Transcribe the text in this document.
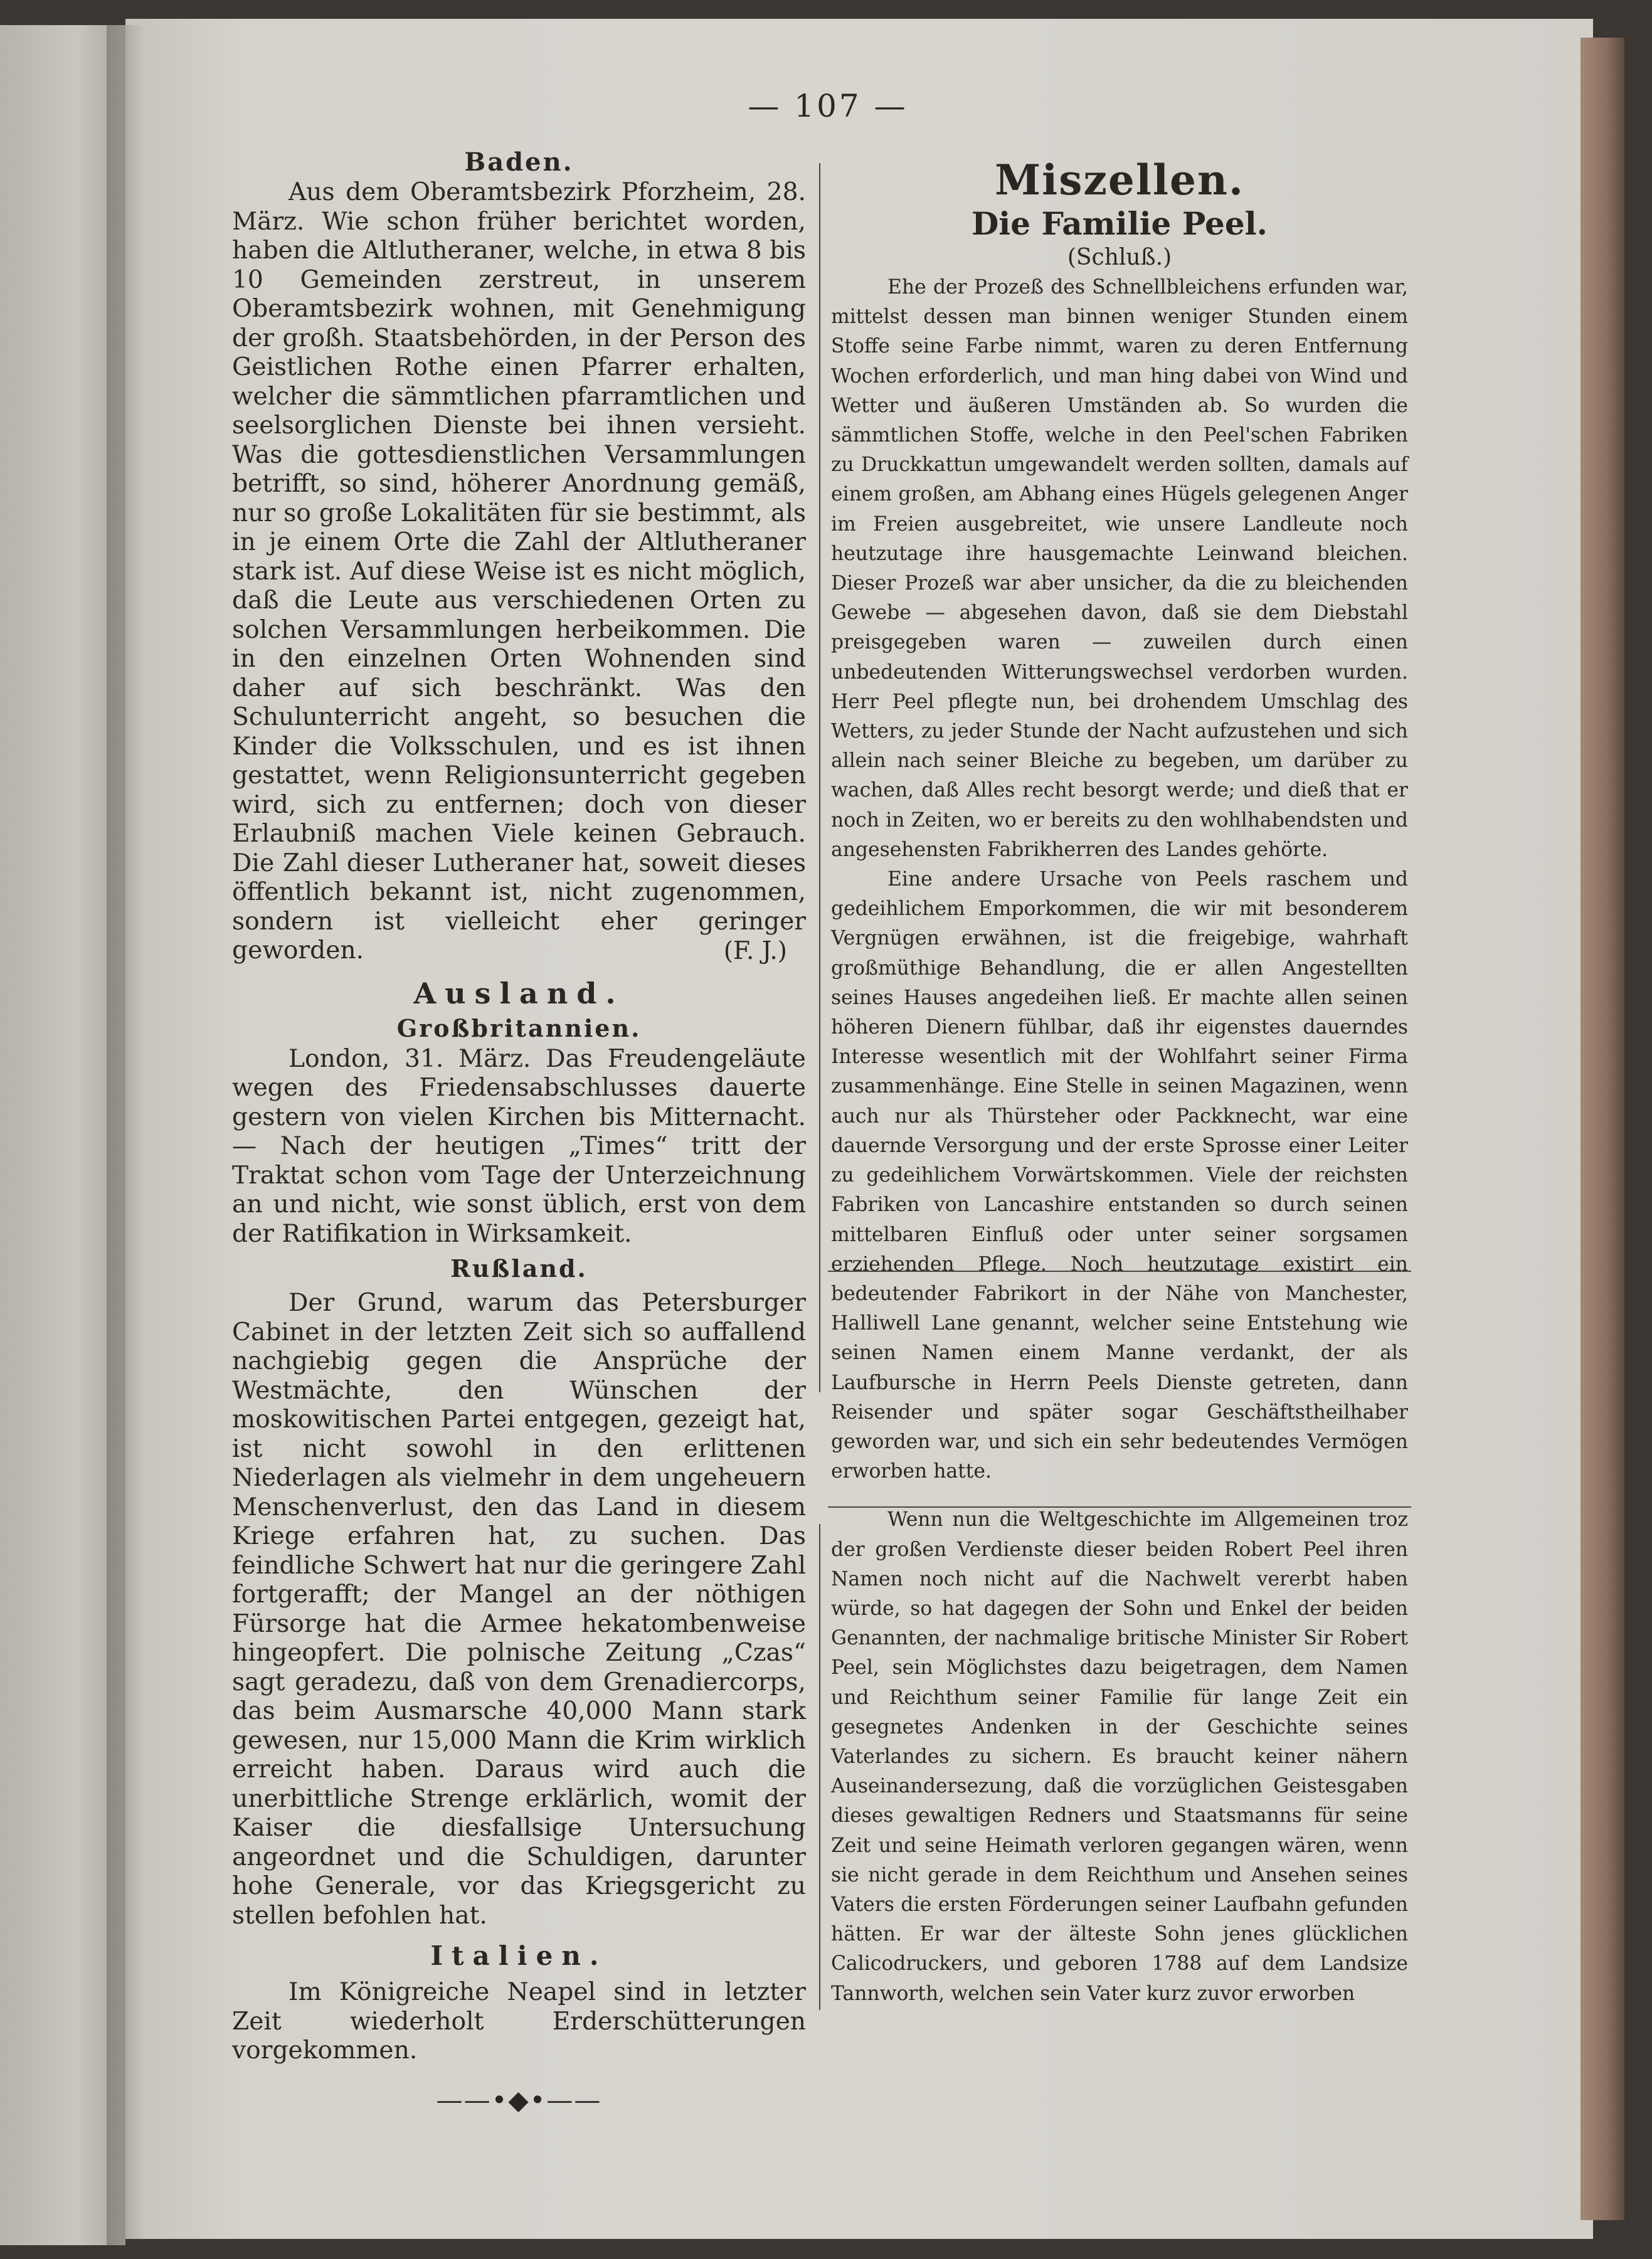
— 107 —
Baden.

Aus dem Oberamtsbezirk Pforzheim, 28. März. Wie schon früher berichtet worden, haben die Altlutheraner, welche, in etwa 8 bis 10 Gemeinden zerstreut, in unserem Oberamtsbezirk wohnen, mit Genehmigung der großh. Staatsbehörden, in der Person des Geistlichen Rothe einen Pfarrer erhalten, welcher die sämmtlichen pfarramtlichen und seelsorglichen Dienste bei ihnen versieht. Was die gottesdienstlichen Versammlungen betrifft, so sind, höherer Anordnung gemäß, nur so große Lokalitäten für sie bestimmt, als in je einem Orte die Zahl der Altlutheraner stark ist. Auf diese Weise ist es nicht möglich, daß die Leute aus verschiedenen Orten zu solchen Versammlungen herbeikommen. Die in den einzelnen Orten Wohnenden sind daher auf sich beschränkt. Was den Schulunterricht angeht, so besuchen die Kinder die Volksschulen, und es ist ihnen gestattet, wenn Religionsunterricht gegeben wird, sich zu entfernen; doch von dieser Erlaubniß machen Viele keinen Gebrauch. Die Zahl dieser Lutheraner hat, soweit dieses öffentlich bekannt ist, nicht zugenommen, sondern ist vielleicht eher geringer geworden.	(F. J.)
Ausland.
Großbritannien.

London, 31. März. Das Freudengeläute wegen des Friedensabschlusses dauerte gestern von vielen Kirchen bis Mitternacht. — Nach der heutigen „Times“ tritt der Traktat schon vom Tage der Unterzeichnung an und nicht, wie sonst üblich, erst von dem der Ratifikation in Wirksamkeit.

Rußland.

Der Grund, warum das Petersburger Cabinet in der letzten Zeit sich so auffallend nachgiebig gegen die Ansprüche der Westmächte, den Wünschen der moskowitischen Partei entgegen, gezeigt hat, ist nicht sowohl in den erlittenen Niederlagen als vielmehr in dem ungeheuern Menschenverlust, den das Land in diesem Kriege erfahren hat, zu suchen. Das feindliche Schwert hat nur die geringere Zahl fortgerafft; der Mangel an der nöthigen Fürsorge hat die Armee hekatombenweise hingeopfert. Die polnische Zeitung „Czas“ sagt geradezu, daß von dem Grenadiercorps, das beim Ausmarsche 40,000 Mann stark gewesen, nur 15,000 Mann die Krim wirklich erreicht haben. Daraus wird auch die unerbittliche Strenge erklärlich, womit der Kaiser die diesfallsige Untersuchung angeordnet und die Schuldigen, darunter hohe Generale, vor das Kriegsgericht zu stellen befohlen hat.

Italien.

Im Königreiche Neapel sind in letzter Zeit wiederholt Erderschütterungen vorgekommen.

——•◆•——
Miszellen.
Die Familie Peel.
(Schluß.)

Ehe der Prozeß des Schnellbleichens erfunden war, mittelst dessen man binnen weniger Stunden einem Stoffe seine Farbe nimmt, waren zu deren Entfernung Wochen erforderlich, und man hing dabei von Wind und Wetter und äußeren Umständen ab. So wurden die sämmtlichen Stoffe, welche in den Peel'schen Fabriken zu Druckkattun umgewandelt werden sollten, damals auf einem großen, am Abhang eines Hügels gelegenen Anger im Freien ausgebreitet, wie unsere Landleute noch heutzutage ihre hausgemachte Leinwand bleichen. Dieser Prozeß war aber unsicher, da die zu bleichenden Gewebe — abgesehen davon, daß sie dem Diebstahl preisgegeben waren — zuweilen durch einen unbedeutenden Witterungswechsel verdorben wurden. Herr Peel pflegte nun, bei drohendem Umschlag des Wetters, zu jeder Stunde der Nacht aufzustehen und sich allein nach seiner Bleiche zu begeben, um darüber zu wachen, daß Alles recht besorgt werde; und dieß that er noch in Zeiten, wo er bereits zu den wohlhabendsten und angesehensten Fabrikherren des Landes gehörte.

Eine andere Ursache von Peels raschem und gedeihlichem Emporkommen, die wir mit besonderem Vergnügen erwähnen, ist die freigebige, wahrhaft großmüthige Behandlung, die er allen Angestellten seines Hauses angedeihen ließ. Er machte allen seinen höheren Dienern fühlbar, daß ihr eigenstes dauerndes Interesse wesentlich mit der Wohlfahrt seiner Firma zusammenhänge. Eine Stelle in seinen Magazinen, wenn auch nur als Thürsteher oder Packknecht, war eine dauernde Versorgung und der erste Sprosse einer Leiter zu gedeihlichem Vorwärtskommen. Viele der reichsten Fabriken von Lancashire entstanden so durch seinen mittelbaren Einfluß oder unter seiner sorgsamen erziehenden Pflege. Noch heutzutage existirt ein bedeutender Fabrikort in der Nähe von Manchester, Halliwell Lane genannt, welcher seine Entstehung wie seinen Namen einem Manne verdankt, der als Laufbursche in Herrn Peels Dienste getreten, dann Reisender und später sogar Geschäftstheilhaber geworden war, und sich ein sehr bedeutendes Vermögen erworben hatte.

Wenn nun die Weltgeschichte im Allgemeinen troz der großen Verdienste dieser beiden Robert Peel ihren Namen noch nicht auf die Nachwelt vererbt haben würde, so hat dagegen der Sohn und Enkel der beiden Genannten, der nachmalige britische Minister Sir Robert Peel, sein Möglichstes dazu beigetragen, dem Namen und Reichthum seiner Familie für lange Zeit ein gesegnetes Andenken in der Geschichte seines Vaterlandes zu sichern. Es braucht keiner nähern Auseinandersezung, daß die vorzüglichen Geistesgaben dieses gewaltigen Redners und Staatsmanns für seine Zeit und seine Heimath verloren gegangen wären, wenn sie nicht gerade in dem Reichthum und Ansehen seines Vaters die ersten Förderungen seiner Laufbahn gefunden hätten. Er war der älteste Sohn jenes glücklichen Calicodruckers, und geboren 1788 auf dem Landsize Tannworth, welchen sein Vater kurz zuvor erworben
